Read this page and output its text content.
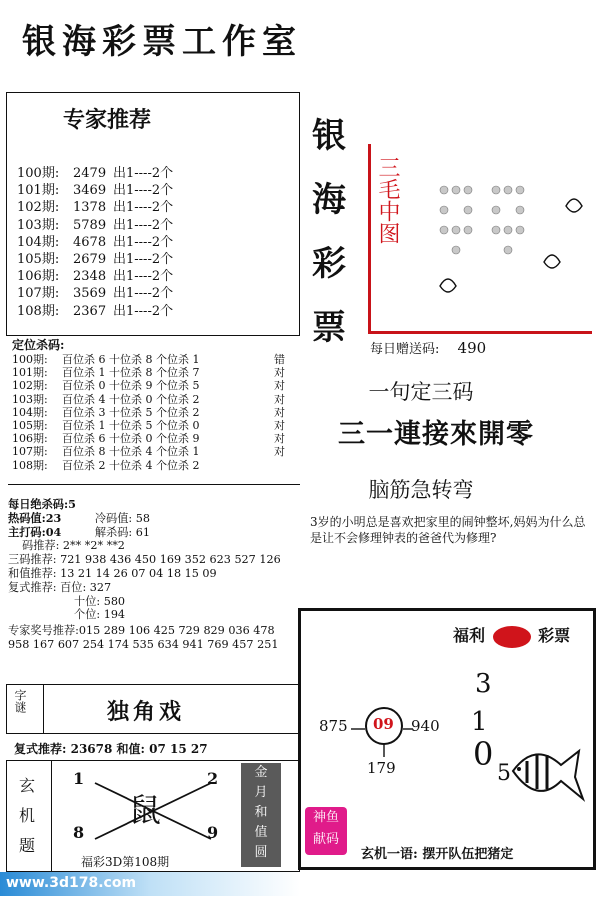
银海彩票工作室
专家推荐
100期: 2479 出1----2个
101期: 3469 出1----2个
102期: 1378 出1----2个
103期: 5789 出1----2个
104期: 4678 出1----2个
105期: 2679 出1----2个
106期: 2348 出1----2个
107期: 3569 出1----2个
108期: 2367 出1----2个
银
海
彩
票
三毛中图
每日赠送码: 490
定位杀码:
100期: 百位杀 6 十位杀 8 个位杀 1	错
101期: 百位杀 1 十位杀 8 个位杀 7	对
102期: 百位杀 0 十位杀 9 个位杀 5	对
103期: 百位杀 4 十位杀 0 个位杀 2	对
104期: 百位杀 3 十位杀 5 个位杀 2	对
105期: 百位杀 1 十位杀 5 个位杀 0	对
106期: 百位杀 6 十位杀 0 个位杀 9	对
107期: 百位杀 8 十位杀 4 个位杀 1	对
108期: 百位杀 2 十位杀 4 个位杀 2
一句定三码
三一連接來開零
脑筋急转弯
3岁的小明总是喜欢把家里的闹钟整坏,妈妈为什么总是让不会修理钟表的爸爸代为修理?
每日绝杀码:5
热码值:23	冷码值: 58
主打码:04	解杀码: 61
码推荐: 2** *2* **2
三码推荐: 721 938 436 450 169 352 623 527 126
和值推荐: 13 21 14 26 07 04 18 15 09
复式推荐: 百位: 327
十位: 580
个位: 194
专家奖号推荐:015 289 106 425 729 829 036 478
958 167 607 254 174 535 634 941 769 457 251	福利	彩票
875 09 940
179
3
1
0
5
神鱼
献码
玄机一语: 摆开队伍把猪定
字谜	独角戏
复式推荐: 23678 和值: 07 15 27
玄
机
题
1	2
8	9
鼠
福彩3D第108期
金
月
和
值
圆
www.3d178.com
